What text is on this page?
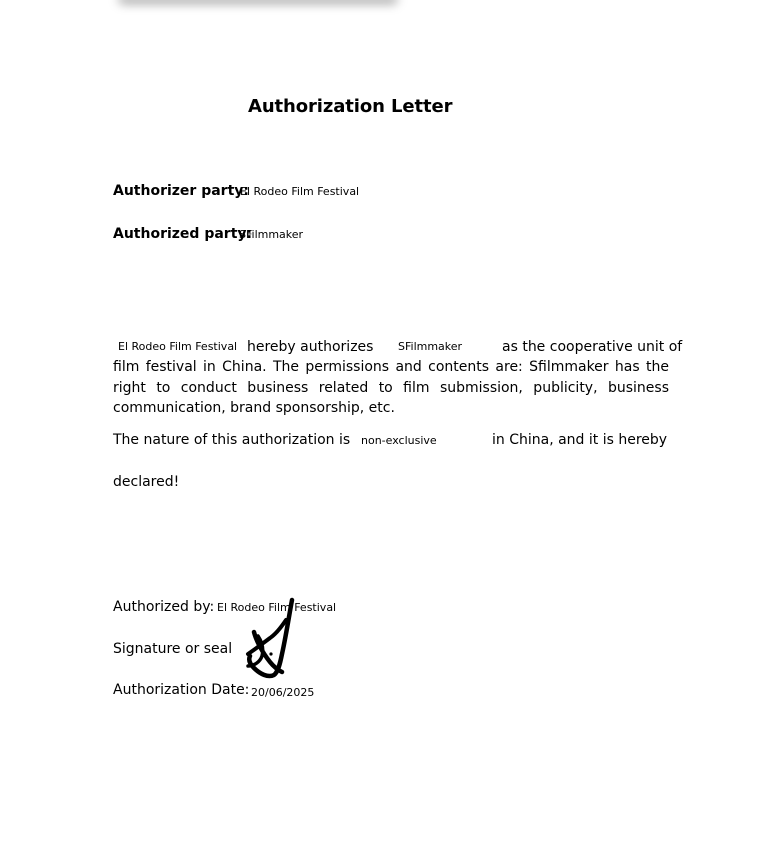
Authorization Letter
Authorizer party:
El Rodeo Film Festival
Authorized party:
SFilmmaker
El Rodeo Film Festival hereby authorizes SFilmmaker	as the cooperative unit of
film festival in China. The permissions and contents are: Sfilmmaker has the right to conduct business related to film submission, publicity, business communication, brand sponsorship, etc.
The nature of this authorization is non-exclusive	in China, and it is hereby
declared!
Authorized by: El Rodeo Film Festival
Signature or seal
Authorization Date: 20/06/2025
